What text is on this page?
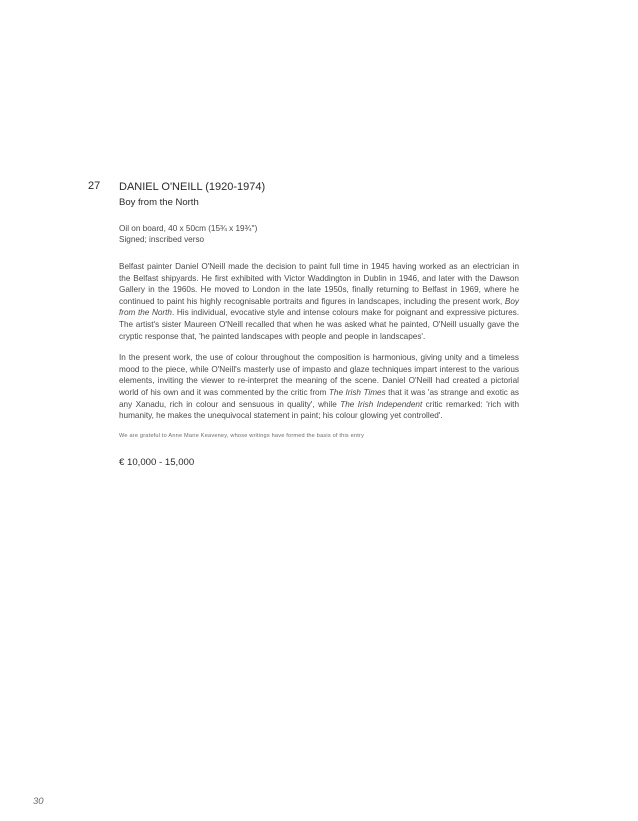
27 DANIEL O'NEILL (1920-1974)
Boy from the North
Oil on board, 40 x 50cm (15¾ x 19¾'')
Signed; inscribed verso

Belfast painter Daniel O'Neill made the decision to paint full time in 1945 having worked as an electrician in the Belfast shipyards. He first exhibited with Victor Waddington in Dublin in 1946, and later with the Dawson Gallery in the 1960s. He moved to London in the late 1950s, finally returning to Belfast in 1969, where he continued to paint his highly recognisable portraits and figures in landscapes, including the present work, Boy from the North. His individual, evocative style and intense colours make for poignant and expressive pictures. The artist's sister Maureen O'Neill recalled that when he was asked what he painted, O'Neill usually gave the cryptic response that, 'he painted landscapes with people and people in landscapes'.

In the present work, the use of colour throughout the composition is harmonious, giving unity and a timeless mood to the piece, while O'Neill's masterly use of impasto and glaze techniques impart interest to the various elements, inviting the viewer to re-interpret the meaning of the scene. Daniel O'Neill had created a pictorial world of his own and it was commented by the critic from The Irish Times that it was 'as strange and exotic as any Xanadu, rich in colour and sensuous in quality', while The Irish Independent critic remarked: 'rich with humanity, he makes the unequivocal statement in paint; his colour glowing yet controlled'.

We are grateful to Anne Marie Keaveney, whose writings have formed the basis of this entry
€ 10,000 - 15,000
30
